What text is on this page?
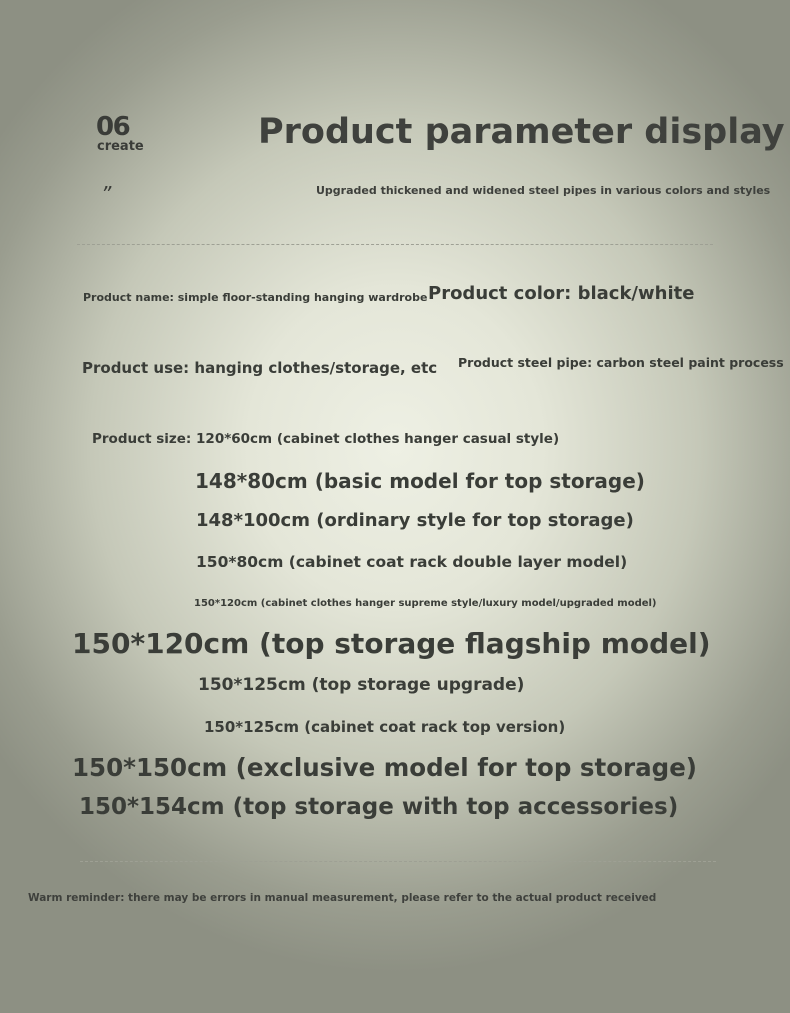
06
create	Product parameter display
”	Upgraded thickened and widened steel pipes in various colors and styles
Product name: simple floor-standing hanging wardrobe Product color: black/white
Product use: hanging clothes/storage, etc Product steel pipe: carbon steel paint process
Product size: 120*60cm (cabinet clothes hanger casual style)
148*80cm (basic model for top storage)
148*100cm (ordinary style for top storage)
150*80cm (cabinet coat rack double layer model)
150*120cm (cabinet clothes hanger supreme style/luxury model/upgraded model)
150*120cm (top storage flagship model)
150*125cm (top storage upgrade)
150*125cm (cabinet coat rack top version)
150*150cm (exclusive model for top storage)
150*154cm (top storage with top accessories)
Warm reminder: there may be errors in manual measurement, please refer to the actual product received
